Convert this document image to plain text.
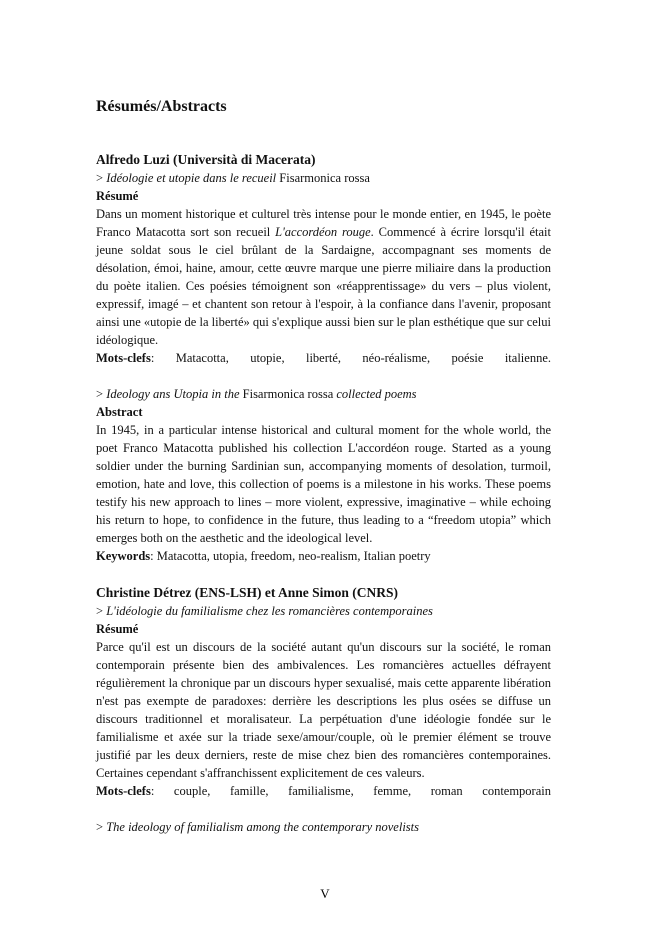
Résumés/Abstracts

Alfredo Luzi (Università di Macerata)

> Idéologie et utopie dans le recueil Fisarmonica rossa

Résumé

Dans un moment historique et culturel très intense pour le monde entier, en 1945, le poète Franco Matacotta sort son recueil L'accordéon rouge. Commencé à écrire lorsqu'il était jeune soldat sous le ciel brûlant de la Sardaigne, accompagnant ses moments de désolation, émoi, haine, amour, cette œuvre marque une pierre miliaire dans la production du poète italien. Ces poésies témoignent son «réapprentissage» du vers – plus violent, expressif, imagé – et chantent son retour à l'espoir, à la confiance dans l'avenir, proposant ainsi une «utopie de la liberté» qui s'explique aussi bien sur le plan esthétique que sur celui idéologique.

Mots-clefs: Matacotta, utopie, liberté, néo-réalisme, poésie italienne.

> Ideology ans Utopia in the Fisarmonica rossa collected poems

Abstract

In 1945, in a particular intense historical and cultural moment for the whole world, the poet Franco Matacotta published his collection L'accordéon rouge. Started as a young soldier under the burning Sardinian sun, accompanying moments of desolation, turmoil, emotion, hate and love, this collection of poems is a milestone in his works. These poems testify his new approach to lines – more violent, expressive, imaginative – while echoing his return to hope, to confidence in the future, thus leading to a “freedom utopia” which emerges both on the aesthetic and the ideological level.

Keywords: Matacotta, utopia, freedom, neo-realism, Italian poetry

Christine Détrez (ENS-LSH) et Anne Simon (CNRS)

> L'idéologie du familialisme chez les romancières contemporaines

Résumé

Parce qu'il est un discours de la société autant qu'un discours sur la société, le roman contemporain présente bien des ambivalences. Les romancières actuelles défrayent régulièrement la chronique par un discours hyper sexualisé, mais cette apparente libération n'est pas exempte de paradoxes: derrière les descriptions les plus osées se diffuse un discours traditionnel et moralisateur. La perpétuation d'une idéologie fondée sur le familialisme et axée sur la triade sexe/amour/couple, où le premier élément se trouve justifié par les deux derniers, reste de mise chez bien des romancières contemporaines. Certaines cependant s'affranchissent explicitement de ces valeurs.

Mots-clefs: couple, famille, familialisme, femme, roman contemporain

> The ideology of familialism among the contemporary novelists

V
